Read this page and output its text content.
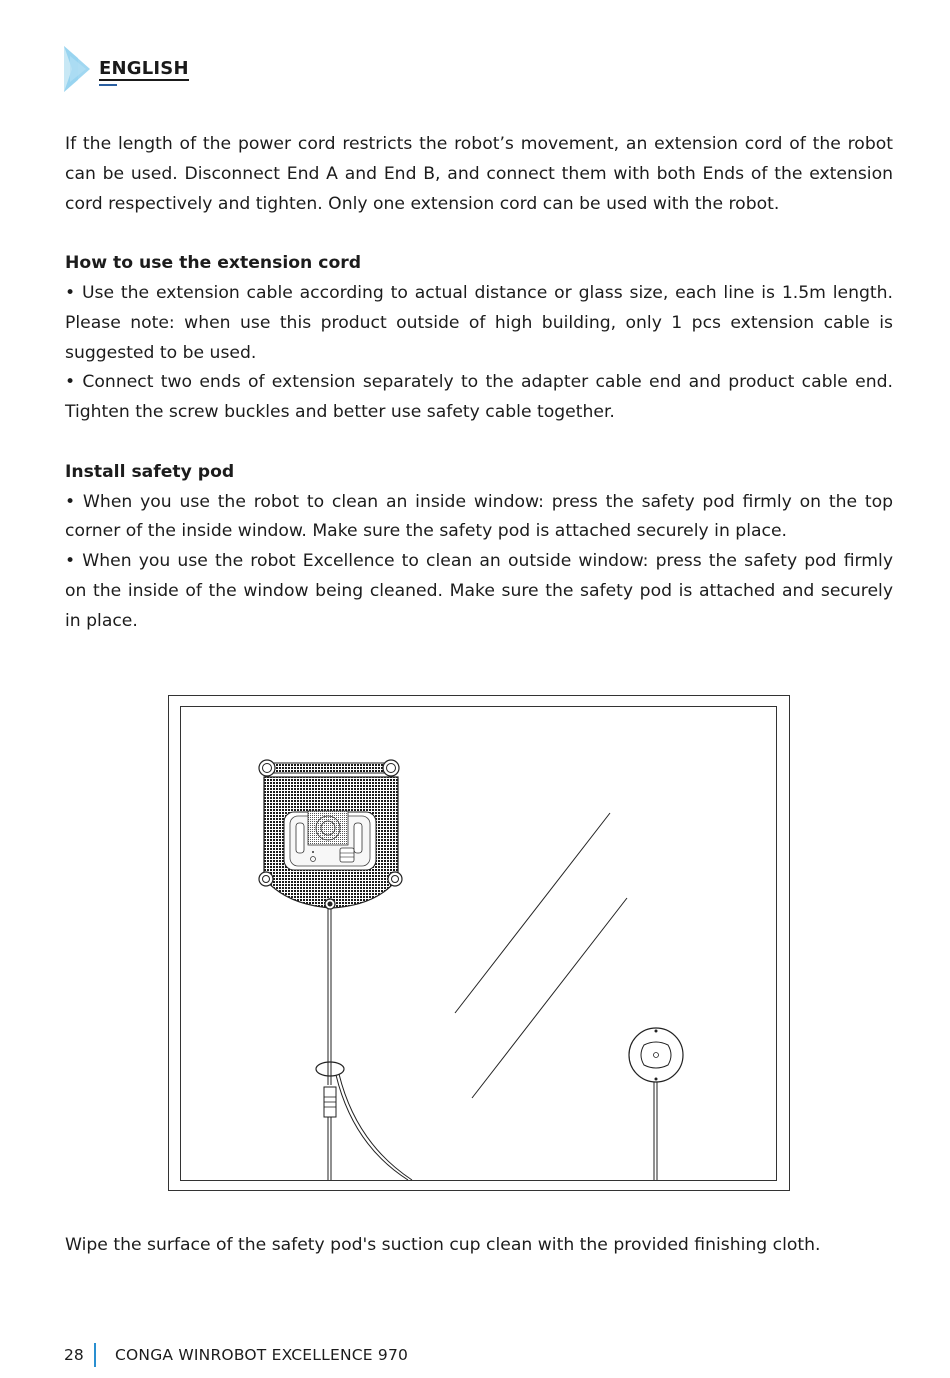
ENGLISH

If the length of the power cord restricts the robot’s movement, an extension cord of the robot can be used. Disconnect End A and End B, and connect them with both Ends of the extension cord respectively and tighten. Only one extension cord can be used with the robot.

How to use the extension cord

• Use the extension cable according to actual distance or glass size, each line is 1.5m length. Please note: when use this product outside of high building, only 1 pcs extension cable is suggested to be used.

• Connect two ends of extension separately to the adapter cable end and product cable end. Tighten the screw buckles and better use safety cable together.

Install safety pod

• When you use the robot to clean an inside window: press the safety pod firmly on the top corner of the inside window. Make sure the safety pod is attached securely in place.

• When you use the robot Excellence to clean an outside window: press the safety pod firmly on the inside of the window being cleaned. Make sure the safety pod is attached and securely in place.

Wipe the surface of the safety pod's suction cup clean with the provided finishing cloth.
28 CONGA WINROBOT EXCELLENCE 970
